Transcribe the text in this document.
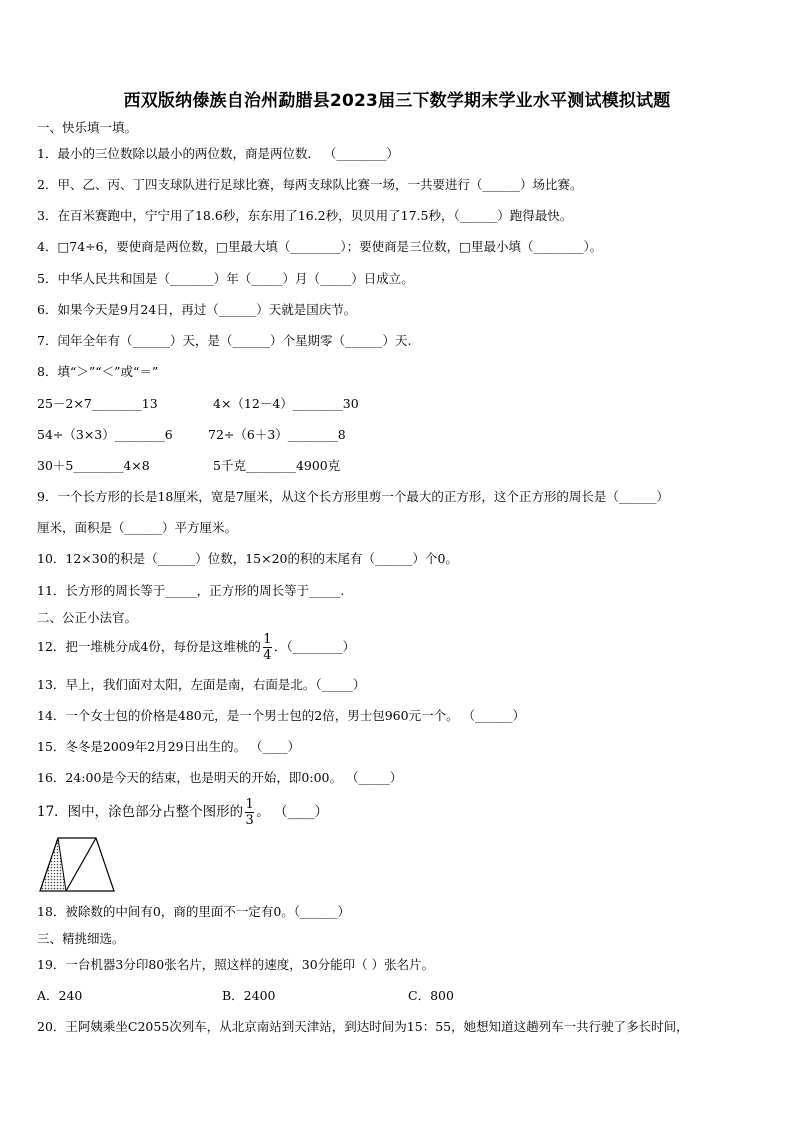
西双版纳傣族自治州勐腊县2023届三下数学期末学业水平测试模拟试题
一、快乐填一填。
1．最小的三位数除以最小的两位数，商是两位数． （________）
2．甲、乙、丙、丁四支球队进行足球比赛，每两支球队比赛一场，一共要进行（______）场比赛。
3．在百米赛跑中，宁宁用了18.6秒，东东用了16.2秒，贝贝用了17.5秒，（______）跑得最快。
4．□74÷6，要使商是两位数，□里最大填（________）；要使商是三位数，□里最小填（________）。
5．中华人民共和国是（_______）年（_____）月（_____）日成立。
6．如果今天是9月24日，再过（______）天就是国庆节。
7．闰年全年有（______）天，是（______）个星期零（______）天.
8．填“＞”“＜”或“＝”
25－2×7________13	4×（12－4）________30
54÷（3×3）________6	72÷（6＋3）________8
30＋5________4×8	5千克________4900克
9．一个长方形的长是18厘米，宽是7厘米，从这个长方形里剪一个最大的正方形，这个正方形的周长是（______）
厘米，面积是（______）平方厘米。
10．12×30的积是（______）位数，15×20的积的末尾有（______）个0。
11．长方形的周长等于_____，正方形的周长等于_____.
二、公正小法官。
12．把一堆桃分成4份，每份是这堆桃的 $\frac{1}{4}$ ．（________）
13．早上，我们面对太阳，左面是南，右面是北。（_____）
14．一个女士包的价格是480元，是一个男士包的2倍，男士包960元一个。 （______）
15．冬冬是2009年2月29日出生的。 （____）
16．24:00是今天的结束，也是明天的开始，即0:00。 （_____）
17．图中，涂色部分占整个图形的 $\frac{1}{3}$ 。 （____）
18．被除数的中间有0，商的里面不一定有0。（______）
三、精挑细选。
19．一台机器3分印80张名片，照这样的速度，30分能印（ ）张名片。
A．240	B．2400	C．800
20．王阿姨乘坐C2055次列车，从北京南站到天津站，到达时间为15：55，她想知道这趟列车一共行驶了多长时间，
